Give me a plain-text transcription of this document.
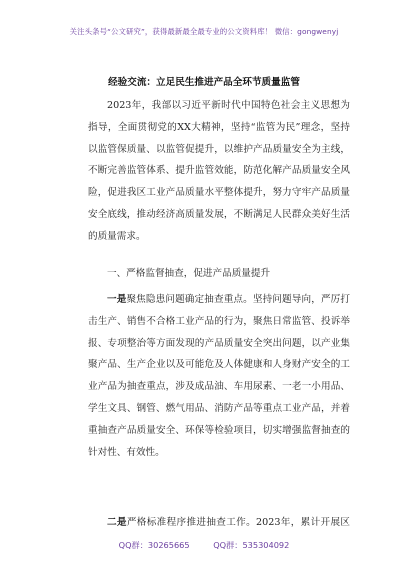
关注头条号“公文研究”，获得最新最全最专业的公文资料库！ 微信：gongwenyj
经验交流：立足民生推进产品全环节质量监管

2023年，我部以习近平新时代中国特色社会主义思想为指导，全面贯彻党的XX大精神，坚持“监管为民”理念，坚持以监管保质量、以监管促提升，以维护产品质量安全为主线，不断完善监管体系、提升监管效能，防范化解产品质量安全风险，促进我区工业产品质量水平整体提升，努力守牢产品质量安全底线，推动经济高质量发展，不断满足人民群众美好生活的质量需求。

一、严格监督抽查，促进产品质量提升

一是聚焦隐患问题确定抽查重点。坚持问题导向，严厉打击生产、销售不合格工业产品的行为，聚焦日常监管、投诉举报、专项整治等方面发现的产品质量安全突出问题，以产业集聚产品、生产企业以及可能危及人体健康和人身财产安全的工业产品为抽查重点，涉及成品油、车用尿素、一老一小用品、学生文具、钢管、燃气用品、消防产品等重点工业产品，并着重抽查产品质量安全、环保等检验项目，切实增强监督抽查的针对性、有效性。

二是严格标准程序推进抽查工作。2023年，累计开展区

QQ群：30265665	QQ群：535304092
